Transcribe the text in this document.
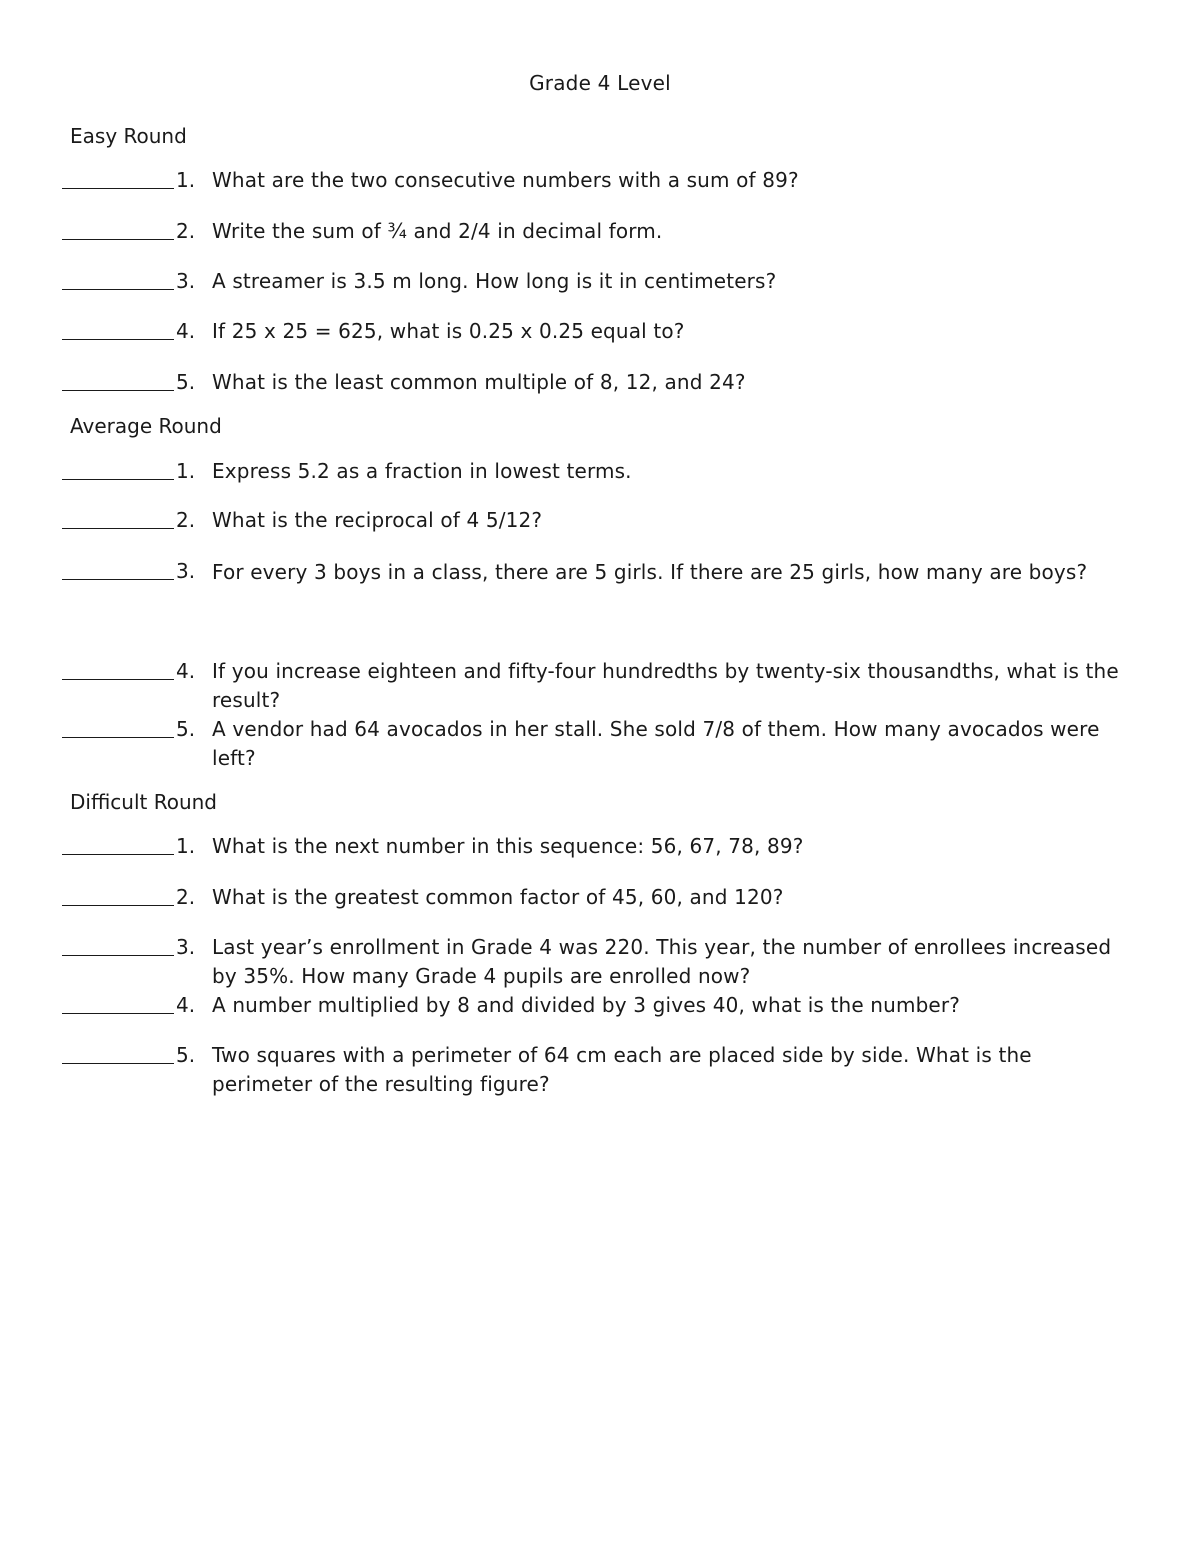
Grade 4 Level
Easy Round
1. What are the two consecutive numbers with a sum of 89?
2. Write the sum of ¾ and 2/4 in decimal form.
3. A streamer is 3.5 m long. How long is it in centimeters?
4. If 25 x 25 = 625, what is 0.25 x 0.25 equal to?
5. What is the least common multiple of 8, 12, and 24?
Average Round
1. Express 5.2 as a fraction in lowest terms.
2. What is the reciprocal of 4 5/12?
3. For every 3 boys in a class, there are 5 girls. If there are 25 girls, how many are boys?
4. If you increase eighteen and fifty-four hundredths by twenty-six thousandths, what is the result?
5. A vendor had 64 avocados in her stall. She sold 7/8 of them. How many avocados were left?
Difficult Round
1. What is the next number in this sequence: 56, 67, 78, 89?
2. What is the greatest common factor of 45, 60, and 120?
3. Last year’s enrollment in Grade 4 was 220. This year, the number of enrollees increased by 35%. How many Grade 4 pupils are enrolled now?
4. A number multiplied by 8 and divided by 3 gives 40, what is the number?
5. Two squares with a perimeter of 64 cm each are placed side by side. What is the perimeter of the resulting figure?
